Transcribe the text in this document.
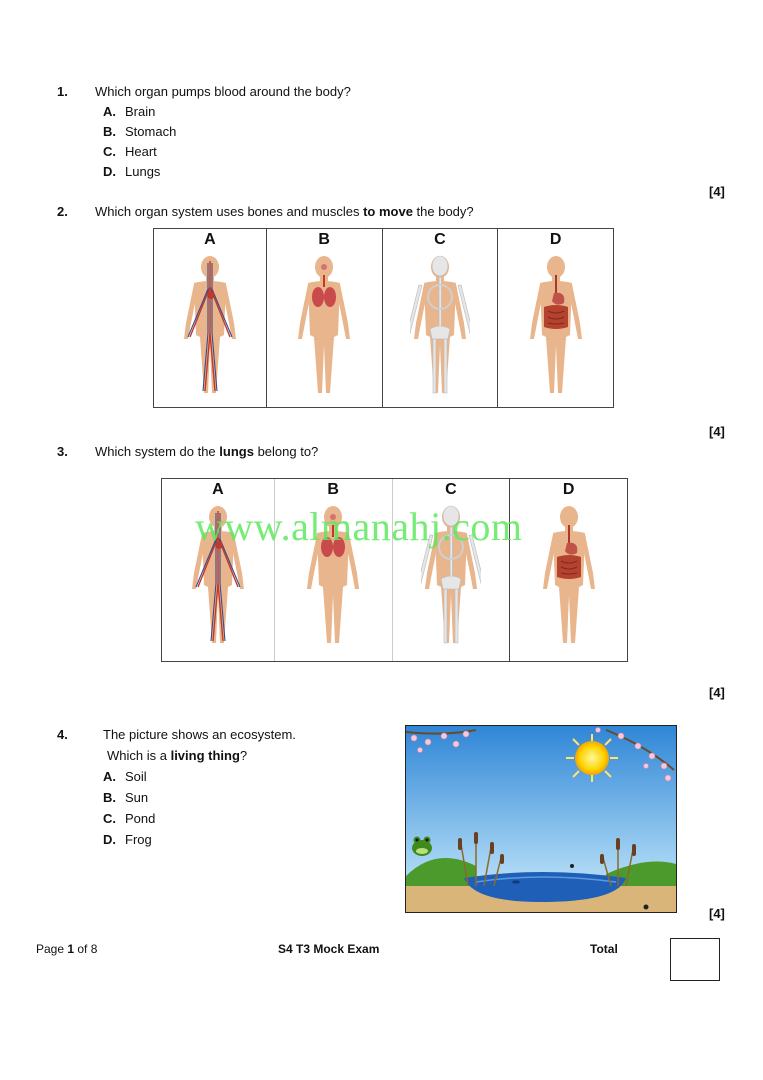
1. Which organ pumps blood around the body?
A. Brain
B. Stomach
C. Heart
D. Lungs
[4]
2. Which organ system uses bones and muscles to move the body?
A	B	C	D
[4]
3. Which system do the lungs belong to?
A	B	C	D
www.almanahj.com
[4]
4.	The picture shows an ecosystem.
Which is a living thing?
A. Soil
B. Sun
C. Pond
D. Frog
[4]
Page 1 of 8	S4 T3 Mock Exam	Total
